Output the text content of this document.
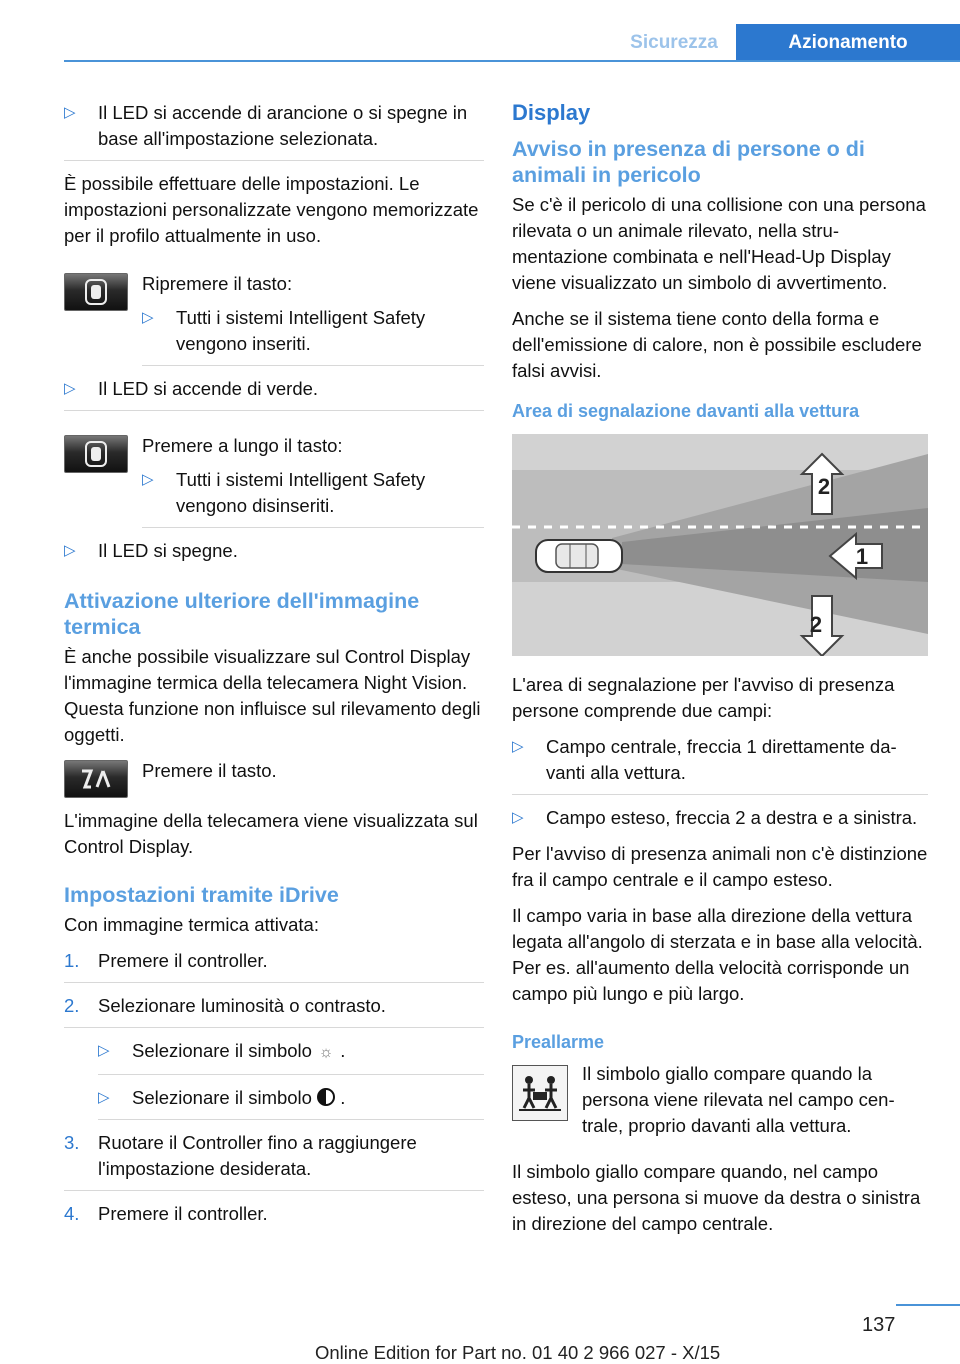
Sicurezza	Azionamento
▷	Il LED si accende di arancione o si spegne in base all'impostazione selezionata.

È possibile effettuare delle impostazioni. Le impostazioni personalizzate vengono memorizzate per il profilo attualmente in uso.

Ripremere il tasto:

▷	Tutti i sistemi Intelligent Safety vengono inseriti.
▷	Il LED si accende di verde.

Premere a lungo il tasto:

▷	Tutti i sistemi Intelligent Safety vengono disinseriti.
▷	Il LED si spegne.
Attivazione ulteriore dell'immagine termica

È anche possibile visualizzare sul Control Display l'immagine termica della telecamera Night Vision. Questa funzione non influisce sul rilevamento degli oggetti.

Premere il tasto.

L'immagine della telecamera viene visualizzata sul Control Display.

Impostazioni tramite iDrive

Con immagine termica attivata:

1.	Premere il controller.
2.	Selezionare luminosità o contrasto.
▷	Selezionare il simbolo ☼ .
▷	Selezionare il simbolo .
3.	Ruotare il Controller fino a raggiungere l'impostazione desiderata.
4.	Premere il controller.
Display
Avviso in presenza di persone o di animali in pericolo

Se c'è il pericolo di una collisione con una persona rilevata o un animale rilevato, nella strumentazione combinata e nell'Head-Up Display viene visualizzato un simbolo di avvertimento.

Anche se il sistema tiene conto della forma e dell'emissione di calore, non è possibile escludere falsi avvisi.

Area di segnalazione davanti alla vettura
2
1
2

L'area di segnalazione per l'avviso di presenza persone comprende due campi:

▷	Campo centrale, freccia 1 direttamente davanti alla vettura.
▷	Campo esteso, freccia 2 a destra e a sinistra.

Per l'avviso di presenza animali non c'è distinzione fra il campo centrale e il campo esteso.

Il campo varia in base alla direzione della vettura legata all'angolo di sterzata e in base alla velocità. Per es. all'aumento della velocità corrisponde un campo più lungo e più largo.

Preallarme

Il simbolo giallo compare quando la persona viene rilevata nel campo centrale, proprio davanti alla vettura.

Il simbolo giallo compare quando, nel campo esteso, una persona si muove da destra o sinistra in direzione del campo centrale.

137
Online Edition for Part no. 01 40 2 966 027 - X/15
